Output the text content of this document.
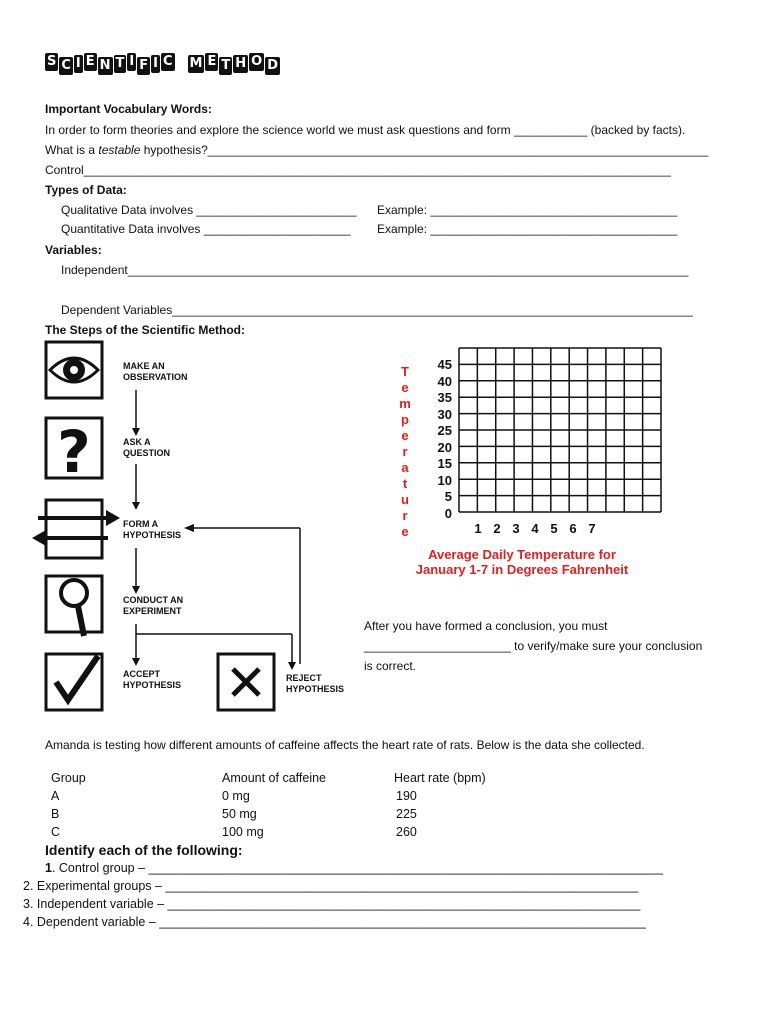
S C I E N T I F I C M E T H O D
Important Vocabulary Words:
In order to form theories and explore the science world we must ask questions and form ___________ (backed by facts).
What is a testable hypothesis?___________________________________________________________________________
Control________________________________________________________________________________________
Types of Data:
Qualitative Data involves ________________________ Example: _____________________________________
Quantitative Data involves ______________________ Example: _____________________________________
Variables:
Independent____________________________________________________________________________________
Dependent Variables______________________________________________________________________________
The Steps of the Scientific Method:
?
MAKE AN
OBSERVATION
ASK A
QUESTION
FORM A
HYPOTHESIS
CONDUCT AN
EXPERIMENT
ACCEPT
HYPOTHESIS
REJECT
HYPOTHESIS
T
e
m
p
e
r
a
t
u
r
e
45
40
35
30
25
20
15
10
5
0
1 2 3 4 5 6 7
Average Daily Temperature for
January 1-7 in Degrees Fahrenheit
After you have formed a conclusion, you must
______________________ to verify/make sure your conclusion
is correct.
Amanda is testing how different amounts of caffeine affects the heart rate of rats. Below is the data she collected.
Group	Amount of caffeine	Heart rate (bpm)
A	0 mg	190
B	50 mg	225
C	100 mg	260
Identify each of the following:
1. Control group – __________________________________________________________________________
2. Experimental groups – ____________________________________________________________________
3. Independent variable – ____________________________________________________________________
4. Dependent variable – ______________________________________________________________________
